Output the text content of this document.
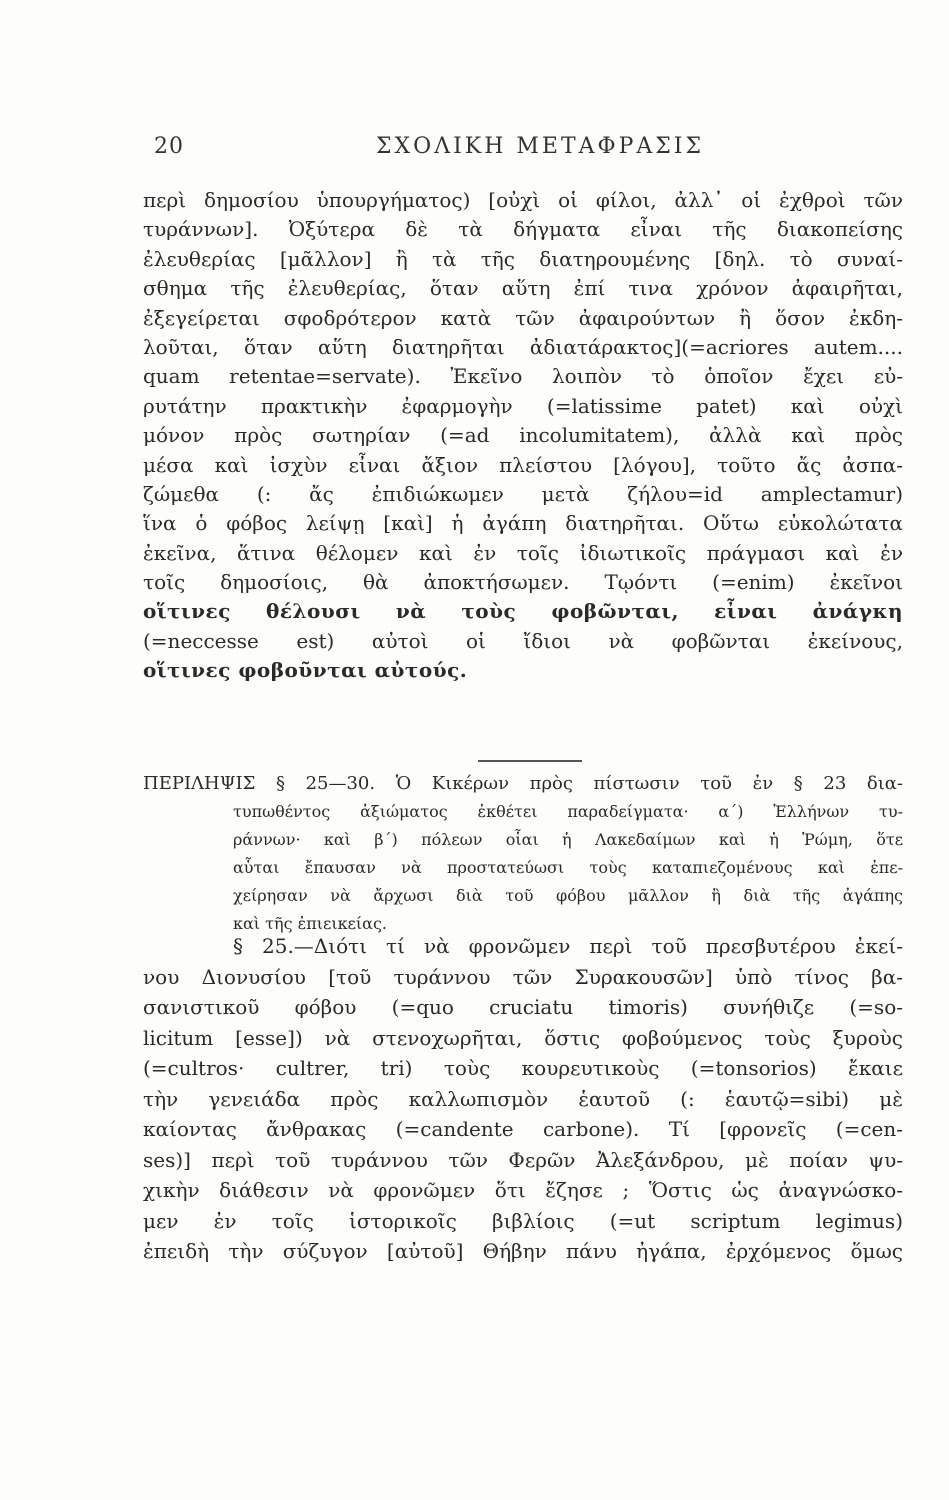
20	ΣΧΟΛΙΚΗ ΜΕΤΑΦΡΑΣΙΣ
περὶ δημοσίου ὑπουργήματος) [οὐχὶ οἱ φίλοι, ἀλλ᾽ οἱ ἐχθροὶ τῶν
τυράννων]. Ὀξύτερα δὲ τὰ δήγματα εἶναι τῆς διακοπείσης
ἐλευθερίας [μᾶλλον] ἢ τὰ τῆς διατηρουμένης [δηλ. τὸ συναί-
σθημα τῆς ἐλευθερίας, ὅταν αὕτη ἐπί τινα χρόνον ἀφαιρῆται,
ἐξεγείρεται σφοδρότερον κατὰ τῶν ἀφαιρούντων ἢ ὅσον ἐκδη-
λοῦται, ὅταν αὕτη διατηρῆται ἀδιατάρακτος](=acriores autem....
quam retentae=servate). Ἐκεῖνο λοιπὸν τὸ ὁποῖον ἔχει εὐ-
ρυτάτην πρακτικὴν ἐφαρμογὴν (=latissime patet) καὶ οὐχὶ
μόνον πρὸς σωτηρίαν (=ad incolumitatem), ἀλλὰ καὶ πρὸς
μέσα καὶ ἰσχὺν εἶναι ἄξιον πλείστου [λόγου], τοῦτο ἄς ἀσπα-
ζώμεθα (: ἄς ἐπιδιώκωμεν μετὰ ζήλου=id amplectamur)
ἵνα ὁ φόβος λείψῃ [καὶ] ἡ ἀγάπη διατηρῆται. Οὕτω εὐκολώτατα
ἐκεῖνα, ἅτινα θέλομεν καὶ ἐν τοῖς ἰδιωτικοῖς πράγμασι καὶ ἐν
τοῖς δημοσίοις, θὰ ἀποκτήσωμεν. Τῳόντι (=enim) ἐκεῖνοι
οἵτινες θέλουσι νὰ τοὺς φοβῶνται, εἶναι ἀνάγκη
(=neccesse est) αὐτοὶ οἱ ἴδιοι νὰ φοβῶνται ἐκείνους,
οἵτινες φοβοῦνται αὐτούς.
ΠΕΡΙΛΗΨΙΣ § 25—30. Ὁ Κικέρων πρὸς πίστωσιν τοῦ ἐν § 23 δια-
τυπωθέντος ἀξιώματος ἐκθέτει παραδείγματα· α΄) Ἑλλήνων τυ-
ράννων· καὶ β΄) πόλεων οἷαι ἡ Λακεδαίμων καὶ ἡ Ῥώμη, ὅτε
αὗται ἔπαυσαν νὰ προστατεύωσι τοὺς καταπιεζομένους καὶ ἐπε-
χείρησαν νὰ ἄρχωσι διὰ τοῦ φόβου μᾶλλον ἢ διὰ τῆς ἀγάπης
καὶ τῆς ἐπιεικείας.
§ 25.—Διότι τί νὰ φρονῶμεν περὶ τοῦ πρεσβυτέρου ἐκεί-
νου Διονυσίου [τοῦ τυράννου τῶν Συρακουσῶν] ὑπὸ τίνος βα-
σανιστικοῦ φόβου (=quo cruciatu timoris) συνήθιζε (=so-
licitum [esse]) νὰ στενοχωρῆται, ὅστις φοβούμενος τοὺς ξυροὺς
(=cultros· cultrer, tri) τοὺς κουρευτικοὺς (=tonsorios) ἔκαιε
τὴν γενειάδα πρὸς καλλωπισμὸν ἑαυτοῦ (: ἑαυτῷ=sibi) μὲ
καίοντας ἄνθρακας (=candente carbone). Τί [φρονεῖς (=cen-
ses)] περὶ τοῦ τυράννου τῶν Φερῶν Ἀλεξάνδρου, μὲ ποίαν ψυ-
χικὴν διάθεσιν νὰ φρονῶμεν ὅτι ἔζησε ; Ὅστις ὡς ἀναγνώσκο-
μεν ἐν τοῖς ἱστορικοῖς βιβλίοις (=ut scriptum legimus)
ἐπειδὴ τὴν σύζυγον [αὐτοῦ] Θήβην πάνυ ἠγάπα, ἐρχόμενος ὅμως
